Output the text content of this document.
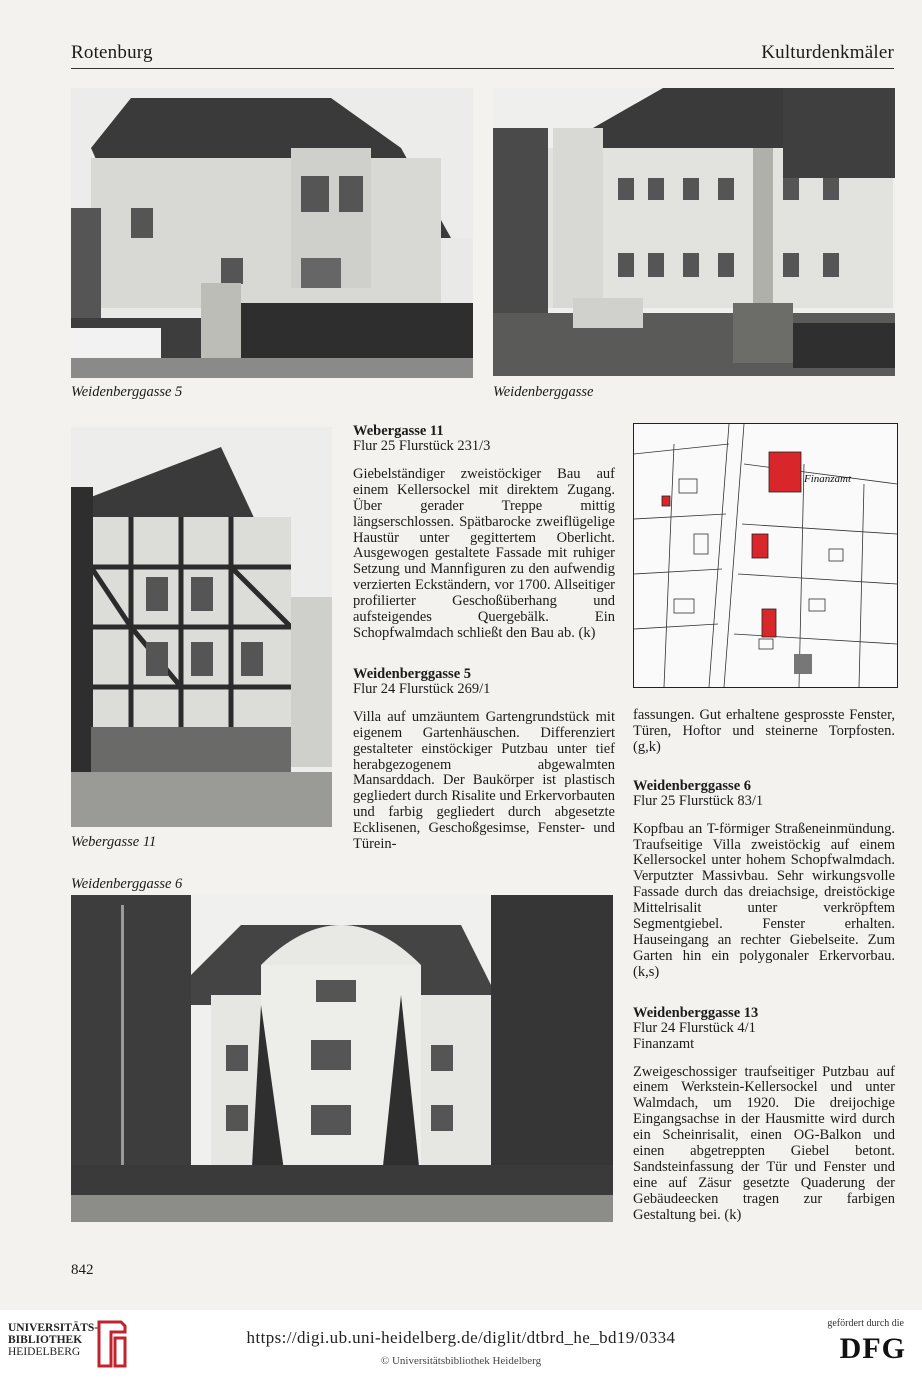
Rotenburg	Kulturdenkmäler
Weidenberggasse 5	Weidenberggasse
Webergasse 11
Weidenberggasse 6
Webergasse 11
Flur 25 Flurstück 231/3

Giebelständiger zweistöckiger Bau auf einem Kellersockel mit direktem Zugang. Über gerader Treppe mittig längserschlossen. Spätbarocke zweiflügelige Haustür unter gegittertem Oberlicht. Ausgewogen gestaltete Fassade mit ruhiger Setzung und Mannfiguren zu den aufwendig verzierten Eckständern, vor 1700. Allseitiger profilierter Geschoßüberhang und aufsteigendes Quergebälk. Ein Schopfwalmdach schließt den Bau ab. (k)

Weidenberggasse 5
Flur 24 Flurstück 269/1

Villa auf umzäuntem Gartengrundstück mit eigenem Gartenhäuschen. Differenziert gestalteter einstöckiger Putzbau unter tief herabgezogenem abgewalmten Mansarddach. Der Baukörper ist plastisch gegliedert durch Risalite und Erkervorbauten und farbig gegliedert durch abgesetzte Ecklisenen, Geschoßgesimse, Fenster- und Türein-

Finanzamt

fassungen. Gut erhaltene gesprosste Fenster, Türen, Hoftor und steinerne Torpfosten. (g,k)

Weidenberggasse 6
Flur 25 Flurstück 83/1

Kopfbau an T-förmiger Straßeneinmündung. Traufseitige Villa zweistöckig auf einem Kellersockel unter hohem Schopfwalmdach. Verputzter Massivbau. Sehr wirkungsvolle Fassade durch das dreiachsige, dreistöckige Mittelrisalit unter verkröpftem Segmentgiebel. Fenster erhalten. Hauseingang an rechter Giebelseite. Zum Garten hin ein polygonaler Erkervorbau. (k,s)

Weidenberggasse 13
Flur 24 Flurstück 4/1
Finanzamt

Zweigeschossiger traufseitiger Putzbau auf einem Werkstein-Kellersockel und unter Walmdach, um 1920. Die dreijochige Eingangsachse in der Hausmitte wird durch ein Scheinrisalit, einen OG-Balkon und einen abgetreppten Giebel betont. Sandsteinfassung der Tür und Fenster und eine auf Zäsur gesetzte Quaderung der Gebäudeecken tragen zur farbigen Gestaltung bei. (k)

842
UNIVERSITÄTS-
BIBLIOTHEK
HEIDELBERG
https://digi.ub.uni-heidelberg.de/diglit/dtbrd_he_bd19/0334
© Universitätsbibliothek Heidelberg
gefördert durch die
DFG
